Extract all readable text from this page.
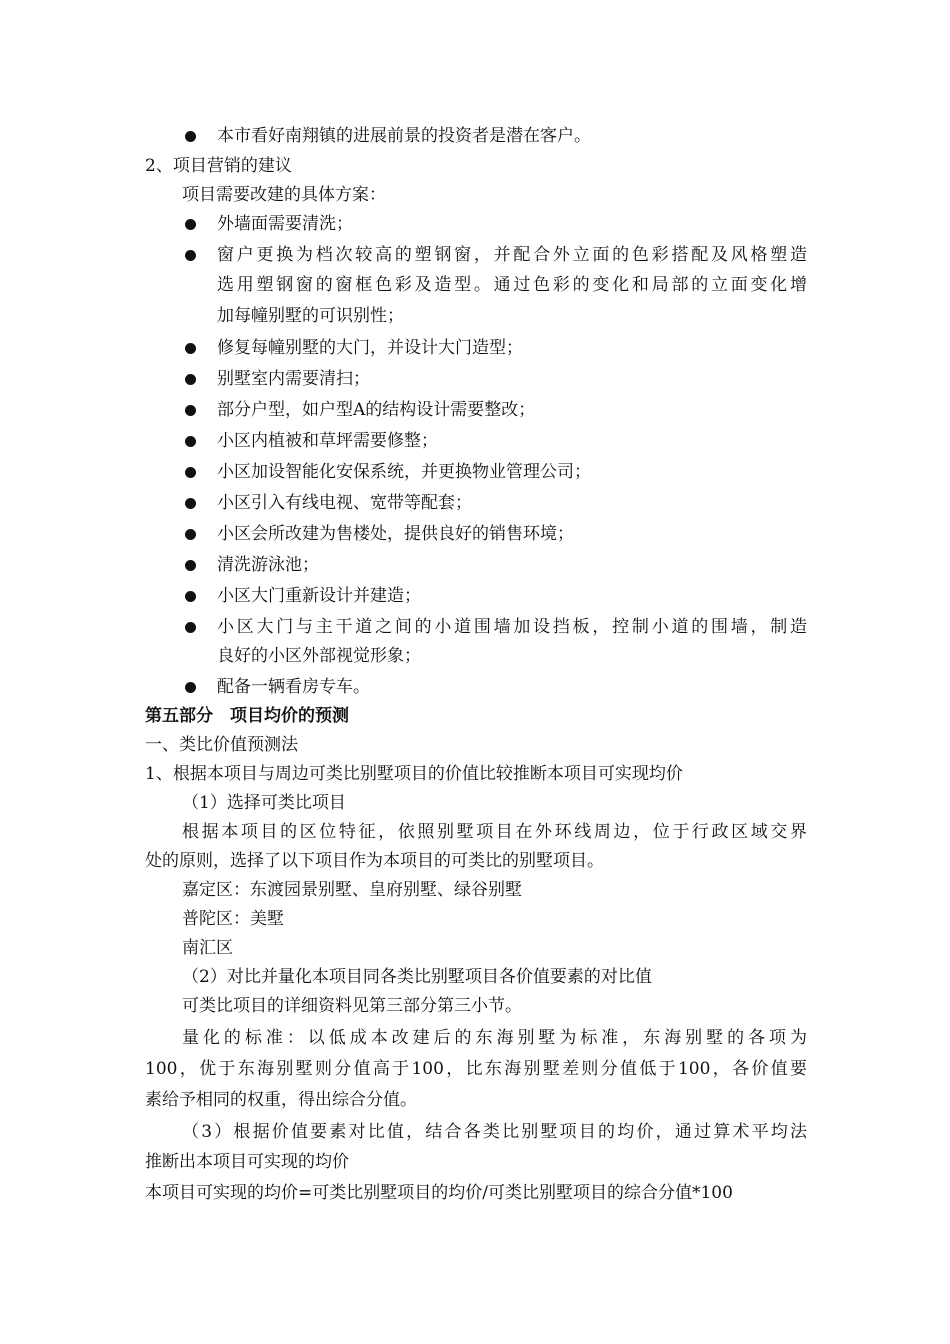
本市看好南翔镇的进展前景的投资者是潜在客户。
2、项目营销的建议
项目需要改建的具体方案：
外墙面需要清洗；
窗户更换为档次较高的塑钢窗，并配合外立面的色彩搭配及风格塑造
选用塑钢窗的窗框色彩及造型。通过色彩的变化和局部的立面变化增
加每幢别墅的可识别性；
修复每幢别墅的大门，并设计大门造型；
别墅室内需要清扫；
部分户型，如户型A的结构设计需要整改；
小区内植被和草坪需要修整；
小区加设智能化安保系统，并更换物业管理公司；
小区引入有线电视、宽带等配套；
小区会所改建为售楼处，提供良好的销售环境；
清洗游泳池；
小区大门重新设计并建造；
小区大门与主干道之间的小道围墙加设挡板，控制小道的围墙，制造
良好的小区外部视觉形象；
配备一辆看房专车。
第五部分　项目均价的预测
一、类比价值预测法
1、根据本项目与周边可类比别墅项目的价值比较推断本项目可实现均价
（1）选择可类比项目
根据本项目的区位特征，依照别墅项目在外环线周边，位于行政区域交界
处的原则，选择了以下项目作为本项目的可类比的别墅项目。
嘉定区：东渡园景别墅、皇府别墅、绿谷别墅
普陀区：美墅
南汇区
（2）对比并量化本项目同各类比别墅项目各价值要素的对比值
可类比项目的详细资料见第三部分第三小节。
量化的标准：以低成本改建后的东海别墅为标准，东海别墅的各项为
100，优于东海别墅则分值高于100，比东海别墅差则分值低于100，各价值要
素给予相同的权重，得出综合分值。
（3）根据价值要素对比值，结合各类比别墅项目的均价，通过算术平均法
推断出本项目可实现的均价
本项目可实现的均价=可类比别墅项目的均价/可类比别墅项目的综合分值*100
